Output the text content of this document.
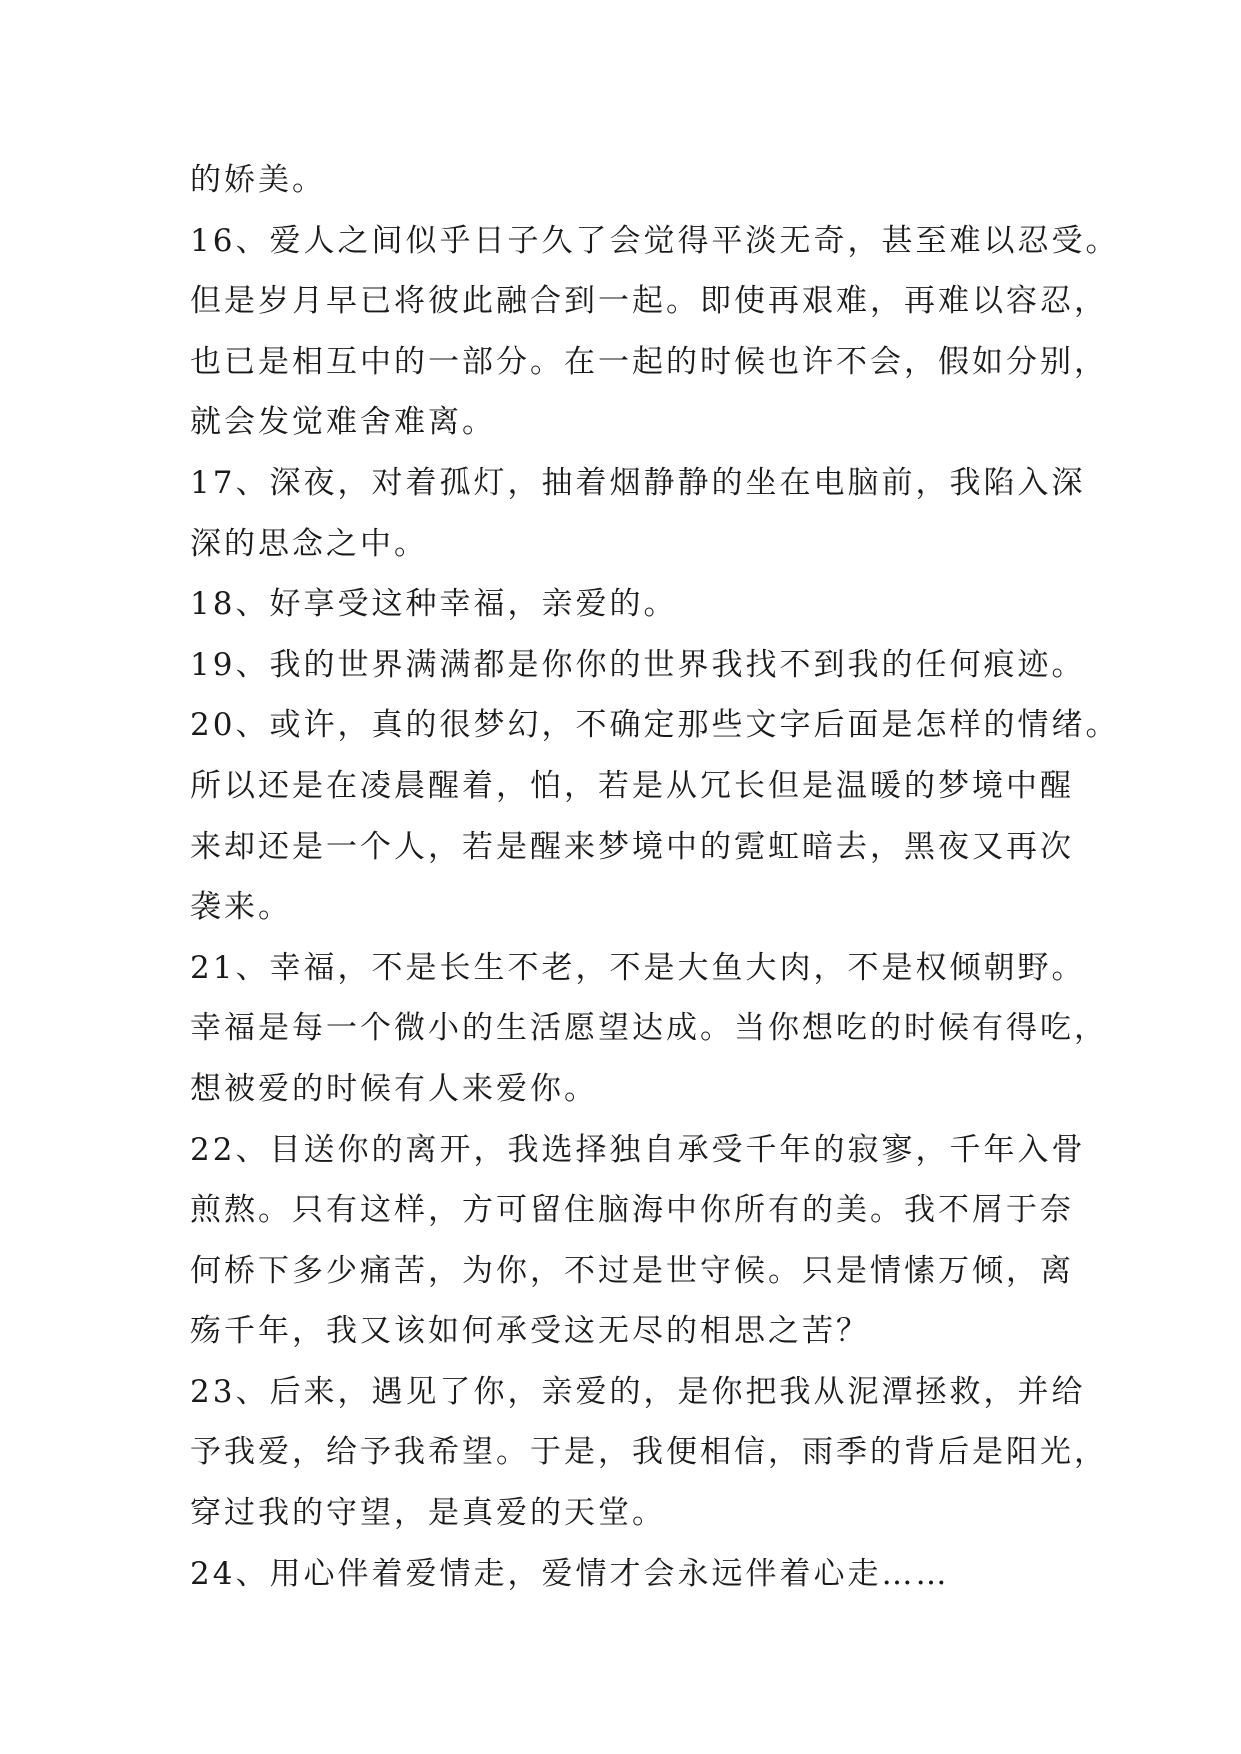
的娇美。
16、爱人之间似乎日子久了会觉得平淡无奇，甚至难以忍受。
但是岁月早已将彼此融合到一起。即使再艰难，再难以容忍，
也已是相互中的一部分。在一起的时候也许不会，假如分别，
就会发觉难舍难离。
17、深夜，对着孤灯，抽着烟静静的坐在电脑前，我陷入深
深的思念之中。
18、好享受这种幸福，亲爱的。
19、我的世界满满都是你你的世界我找不到我的任何痕迹。
20、或许，真的很梦幻，不确定那些文字后面是怎样的情绪。
所以还是在凌晨醒着，怕，若是从冗长但是温暖的梦境中醒
来却还是一个人，若是醒来梦境中的霓虹暗去，黑夜又再次
袭来。
21、幸福，不是长生不老，不是大鱼大肉，不是权倾朝野。
幸福是每一个微小的生活愿望达成。当你想吃的时候有得吃，
想被爱的时候有人来爱你。
22、目送你的离开，我选择独自承受千年的寂寥，千年入骨
煎熬。只有这样，方可留住脑海中你所有的美。我不屑于奈
何桥下多少痛苦，为你，不过是世守候。只是情愫万倾，离
殇千年，我又该如何承受这无尽的相思之苦？
23、后来，遇见了你，亲爱的，是你把我从泥潭拯救，并给
予我爱，给予我希望。于是，我便相信，雨季的背后是阳光，
穿过我的守望，是真爱的天堂。
24、用心伴着爱情走，爱情才会永远伴着心走……
